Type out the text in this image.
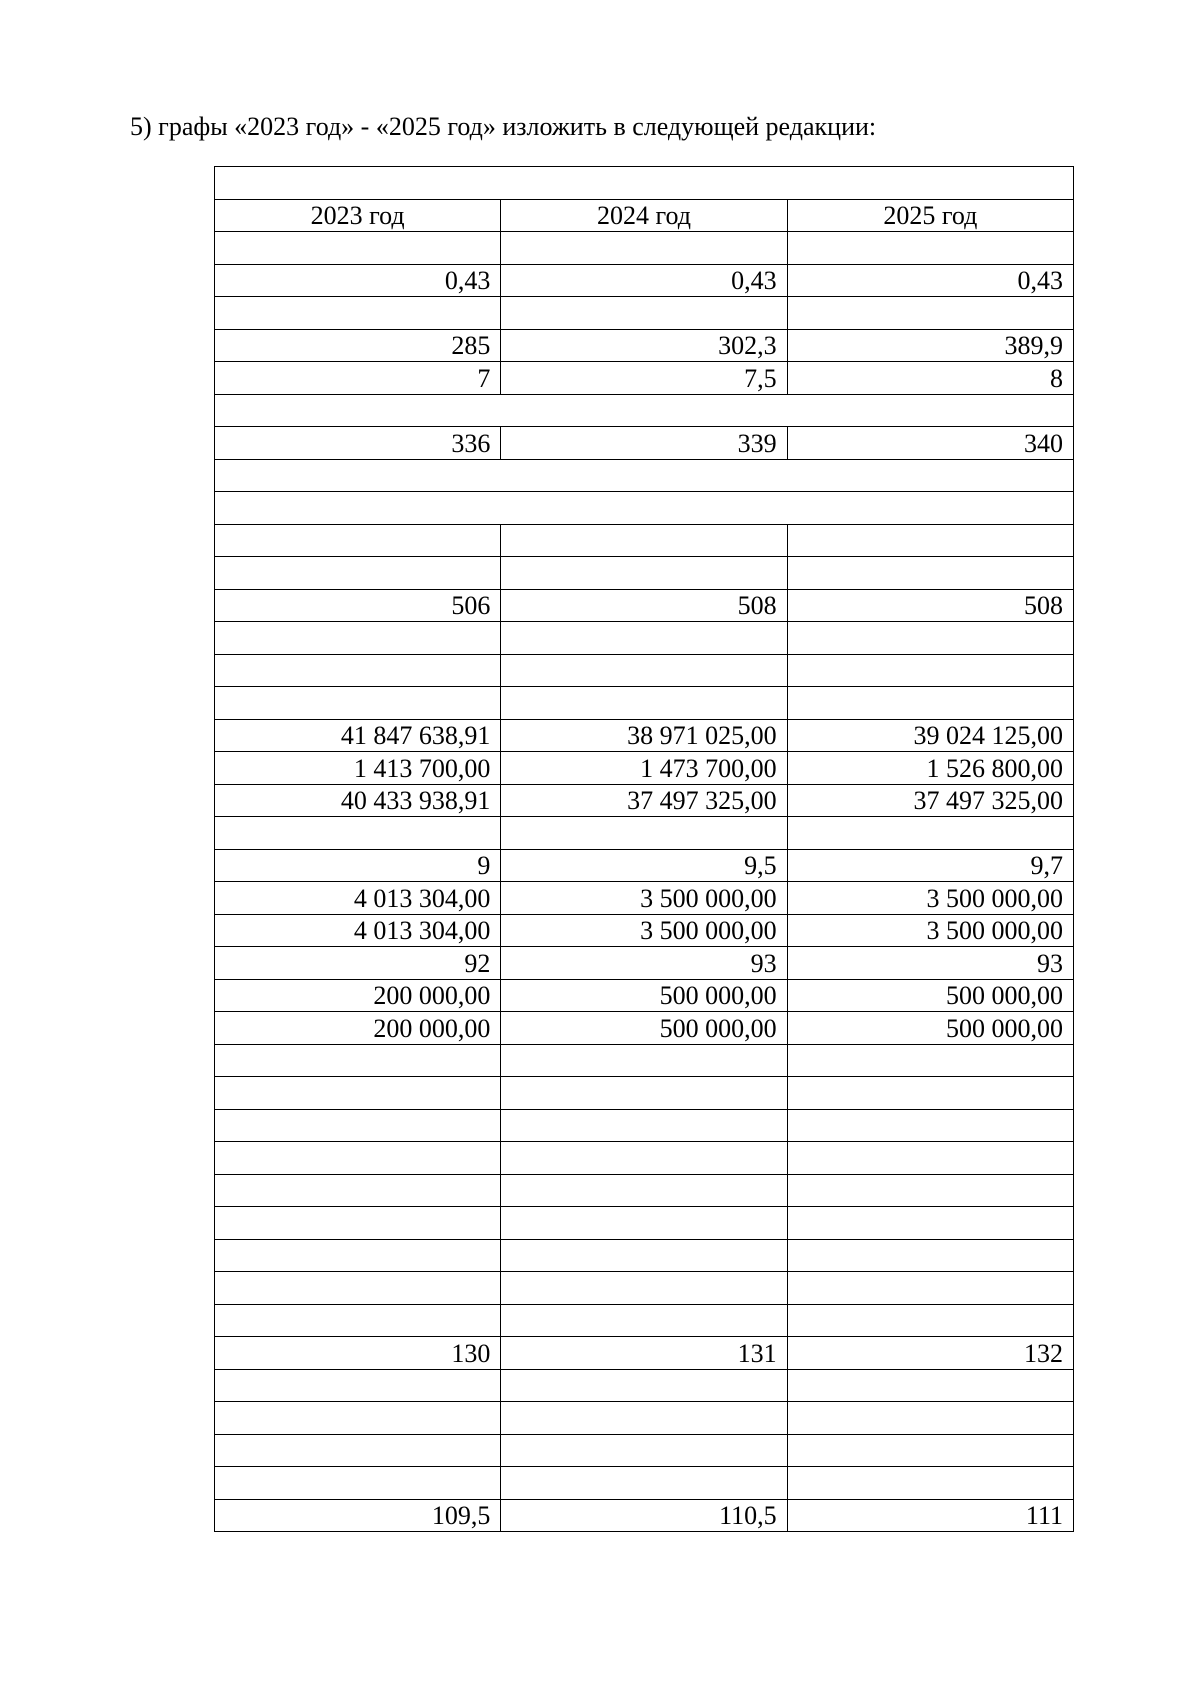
5) графы «2023 год» - «2025 год» изложить в следующей редакции:

2023 год	2024 год	2025 год

0,43	0,43	0,43

285	302,3	389,9
7	7,5	8

336	339	340

506	508	508

41 847 638,91	38 971 025,00	39 024 125,00
1 413 700,00	1 473 700,00	1 526 800,00
40 433 938,91	37 497 325,00	37 497 325,00

9	9,5	9,7
4 013 304,00	3 500 000,00	3 500 000,00
4 013 304,00	3 500 000,00	3 500 000,00
92	93	93
200 000,00	500 000,00	500 000,00
200 000,00	500 000,00	500 000,00

130	131	132

109,5	110,5	111
